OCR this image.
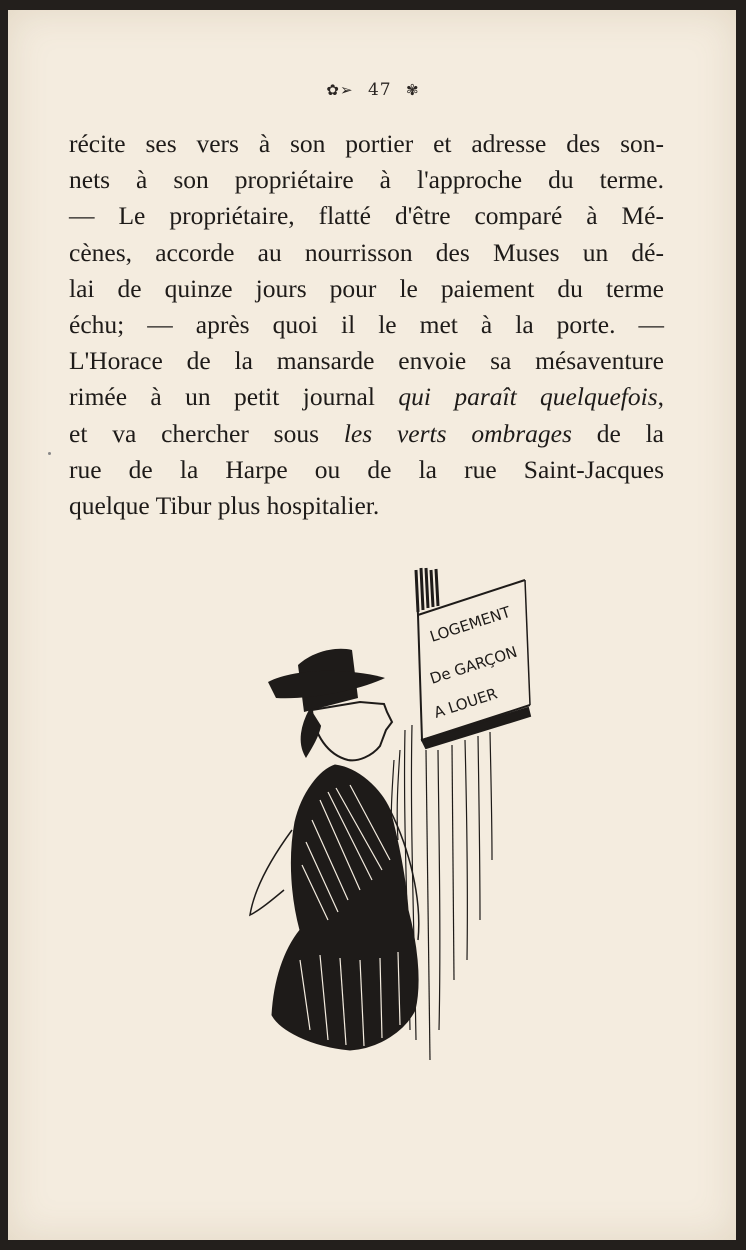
✿➢ 47 ✾
récite ses vers à son portier et adresse des son-
nets à son propriétaire à l'approche du terme.
— Le propriétaire, flatté d'être comparé à Mé-
cènes, accorde au nourrisson des Muses un dé-
lai de quinze jours pour le paiement du terme
échu; — après quoi il le met à la porte. —
L'Horace de la mansarde envoie sa mésaventure
rimée à un petit journal qui paraît quelquefois,
et va chercher sous les verts ombrages de la
rue de la Harpe ou de la rue Saint-Jacques
quelque Tibur plus hospitalier.
LOGEMENT
De GARÇON
A LOUER
